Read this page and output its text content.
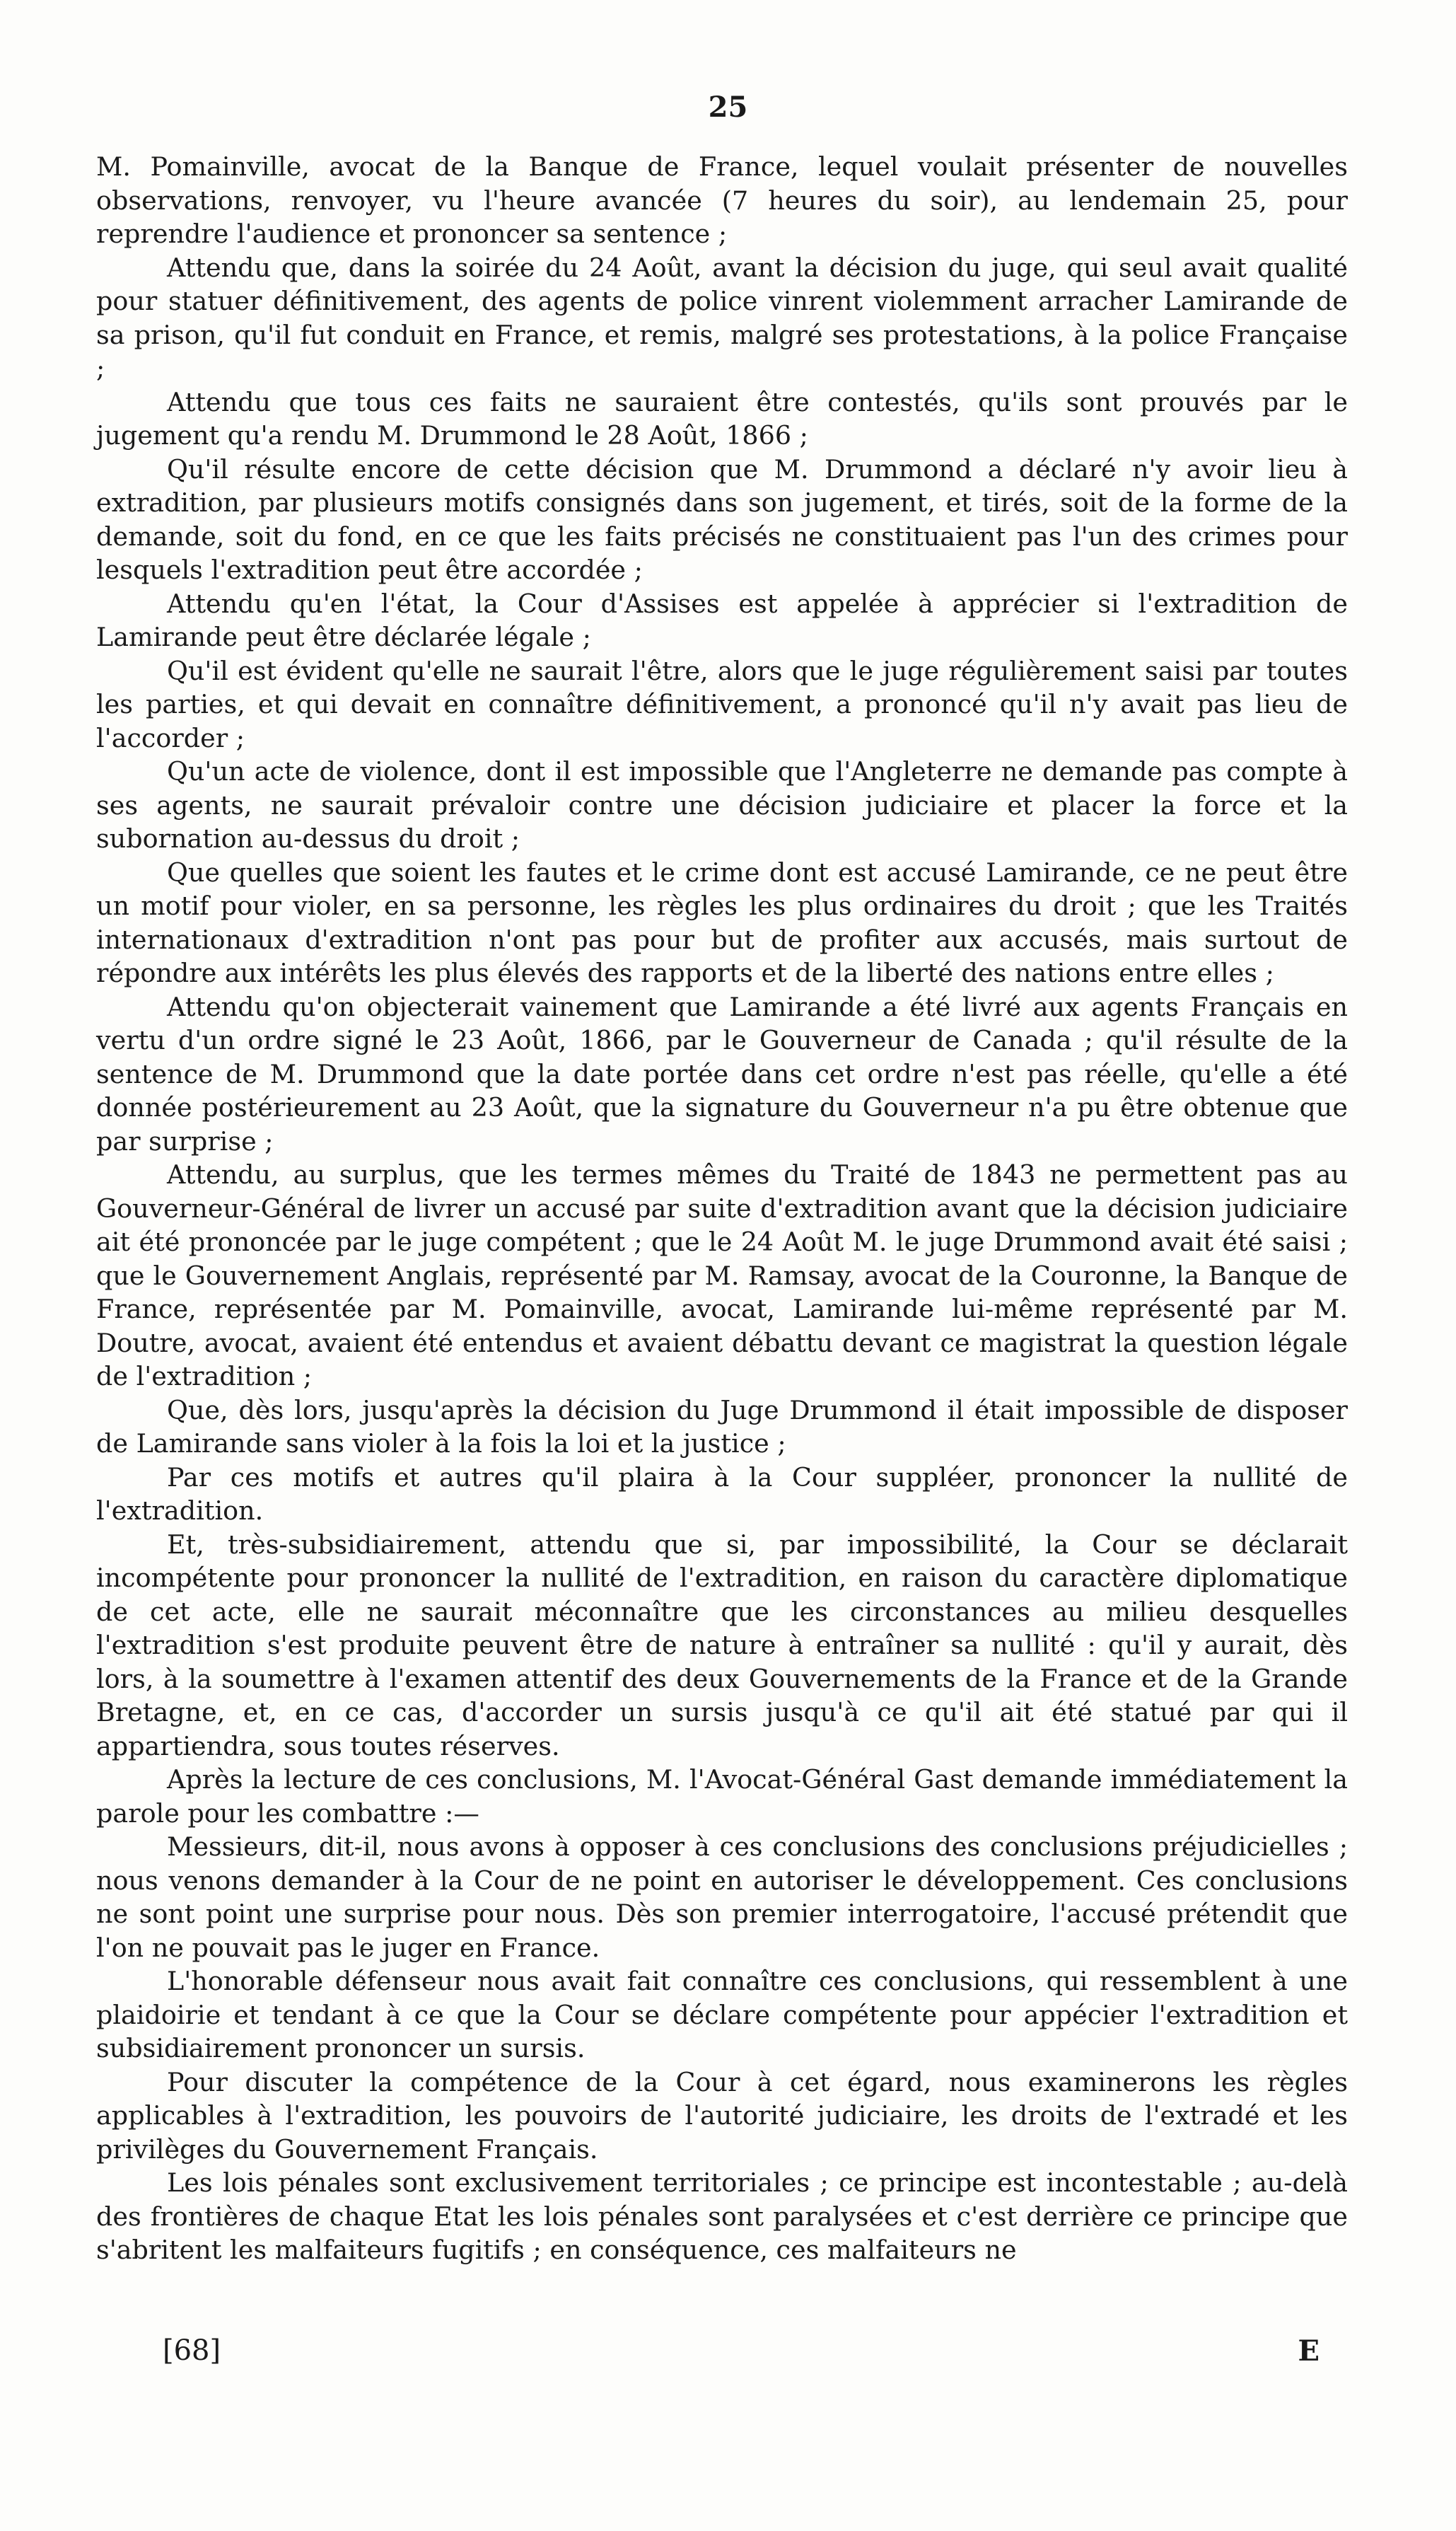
25

M. Pomainville, avocat de la Banque de France, lequel voulait présenter de nouvelles observations, renvoyer, vu l'heure avancée (7 heures du soir), au lendemain 25, pour reprendre l'audience et prononcer sa sentence ;

Attendu que, dans la soirée du 24 Août, avant la décision du juge, qui seul avait qualité pour statuer définitivement, des agents de police vinrent violemment arracher Lamirande de sa prison, qu'il fut conduit en France, et remis, malgré ses protestations, à la police Française ;

Attendu que tous ces faits ne sauraient être contestés, qu'ils sont prouvés par le jugement qu'a rendu M. Drummond le 28 Août, 1866 ;

Qu'il résulte encore de cette décision que M. Drummond a déclaré n'y avoir lieu à extradition, par plusieurs motifs consignés dans son jugement, et tirés, soit de la forme de la demande, soit du fond, en ce que les faits précisés ne constituaient pas l'un des crimes pour lesquels l'extradition peut être accordée ;

Attendu qu'en l'état, la Cour d'Assises est appelée à apprécier si l'extradition de Lamirande peut être déclarée légale ;

Qu'il est évident qu'elle ne saurait l'être, alors que le juge régulièrement saisi par toutes les parties, et qui devait en connaître définitivement, a prononcé qu'il n'y avait pas lieu de l'accorder ;

Qu'un acte de violence, dont il est impossible que l'Angleterre ne demande pas compte à ses agents, ne saurait prévaloir contre une décision judiciaire et placer la force et la subornation au-dessus du droit ;

Que quelles que soient les fautes et le crime dont est accusé Lamirande, ce ne peut être un motif pour violer, en sa personne, les règles les plus ordinaires du droit ; que les Traités internationaux d'extradition n'ont pas pour but de profiter aux accusés, mais surtout de répondre aux intérêts les plus élevés des rapports et de la liberté des nations entre elles ;

Attendu qu'on objecterait vainement que Lamirande a été livré aux agents Français en vertu d'un ordre signé le 23 Août, 1866, par le Gouverneur de Canada ; qu'il résulte de la sentence de M. Drummond que la date portée dans cet ordre n'est pas réelle, qu'elle a été donnée postérieurement au 23 Août, que la signature du Gouverneur n'a pu être obtenue que par surprise ;

Attendu, au surplus, que les termes mêmes du Traité de 1843 ne permettent pas au Gouverneur-Général de livrer un accusé par suite d'extradition avant que la décision judiciaire ait été prononcée par le juge compétent ; que le 24 Août M. le juge Drummond avait été saisi ; que le Gouvernement Anglais, représenté par M. Ramsay, avocat de la Couronne, la Banque de France, représentée par M. Pomainville, avocat, Lamirande lui-même représenté par M. Doutre, avocat, avaient été entendus et avaient débattu devant ce magistrat la question légale de l'extradition ;

Que, dès lors, jusqu'après la décision du Juge Drummond il était impossible de disposer de Lamirande sans violer à la fois la loi et la justice ;

Par ces motifs et autres qu'il plaira à la Cour suppléer, prononcer la nullité de l'extradition.

Et, très-subsidiairement, attendu que si, par impossibilité, la Cour se déclarait incompétente pour prononcer la nullité de l'extradition, en raison du caractère diplomatique de cet acte, elle ne saurait méconnaître que les circonstances au milieu desquelles l'extradition s'est produite peuvent être de nature à entraîner sa nullité : qu'il y aurait, dès lors, à la soumettre à l'examen attentif des deux Gouvernements de la France et de la Grande Bretagne, et, en ce cas, d'accorder un sursis jusqu'à ce qu'il ait été statué par qui il appartiendra, sous toutes réserves.

Après la lecture de ces conclusions, M. l'Avocat-Général Gast demande immédiatement la parole pour les combattre :—

Messieurs, dit-il, nous avons à opposer à ces conclusions des conclusions préjudicielles ; nous venons demander à la Cour de ne point en autoriser le développement. Ces conclusions ne sont point une surprise pour nous. Dès son premier interrogatoire, l'accusé prétendit que l'on ne pouvait pas le juger en France.

L'honorable défenseur nous avait fait connaître ces conclusions, qui ressemblent à une plaidoirie et tendant à ce que la Cour se déclare compétente pour appécier l'extradition et subsidiairement prononcer un sursis.

Pour discuter la compétence de la Cour à cet égard, nous examinerons les règles applicables à l'extradition, les pouvoirs de l'autorité judiciaire, les droits de l'extradé et les privilèges du Gouvernement Français.

Les lois pénales sont exclusivement territoriales ; ce principe est incontestable ; au-delà des frontières de chaque Etat les lois pénales sont paralysées et c'est derrière ce principe que s'abritent les malfaiteurs fugitifs ; en conséquence, ces malfaiteurs ne

[68]	E
